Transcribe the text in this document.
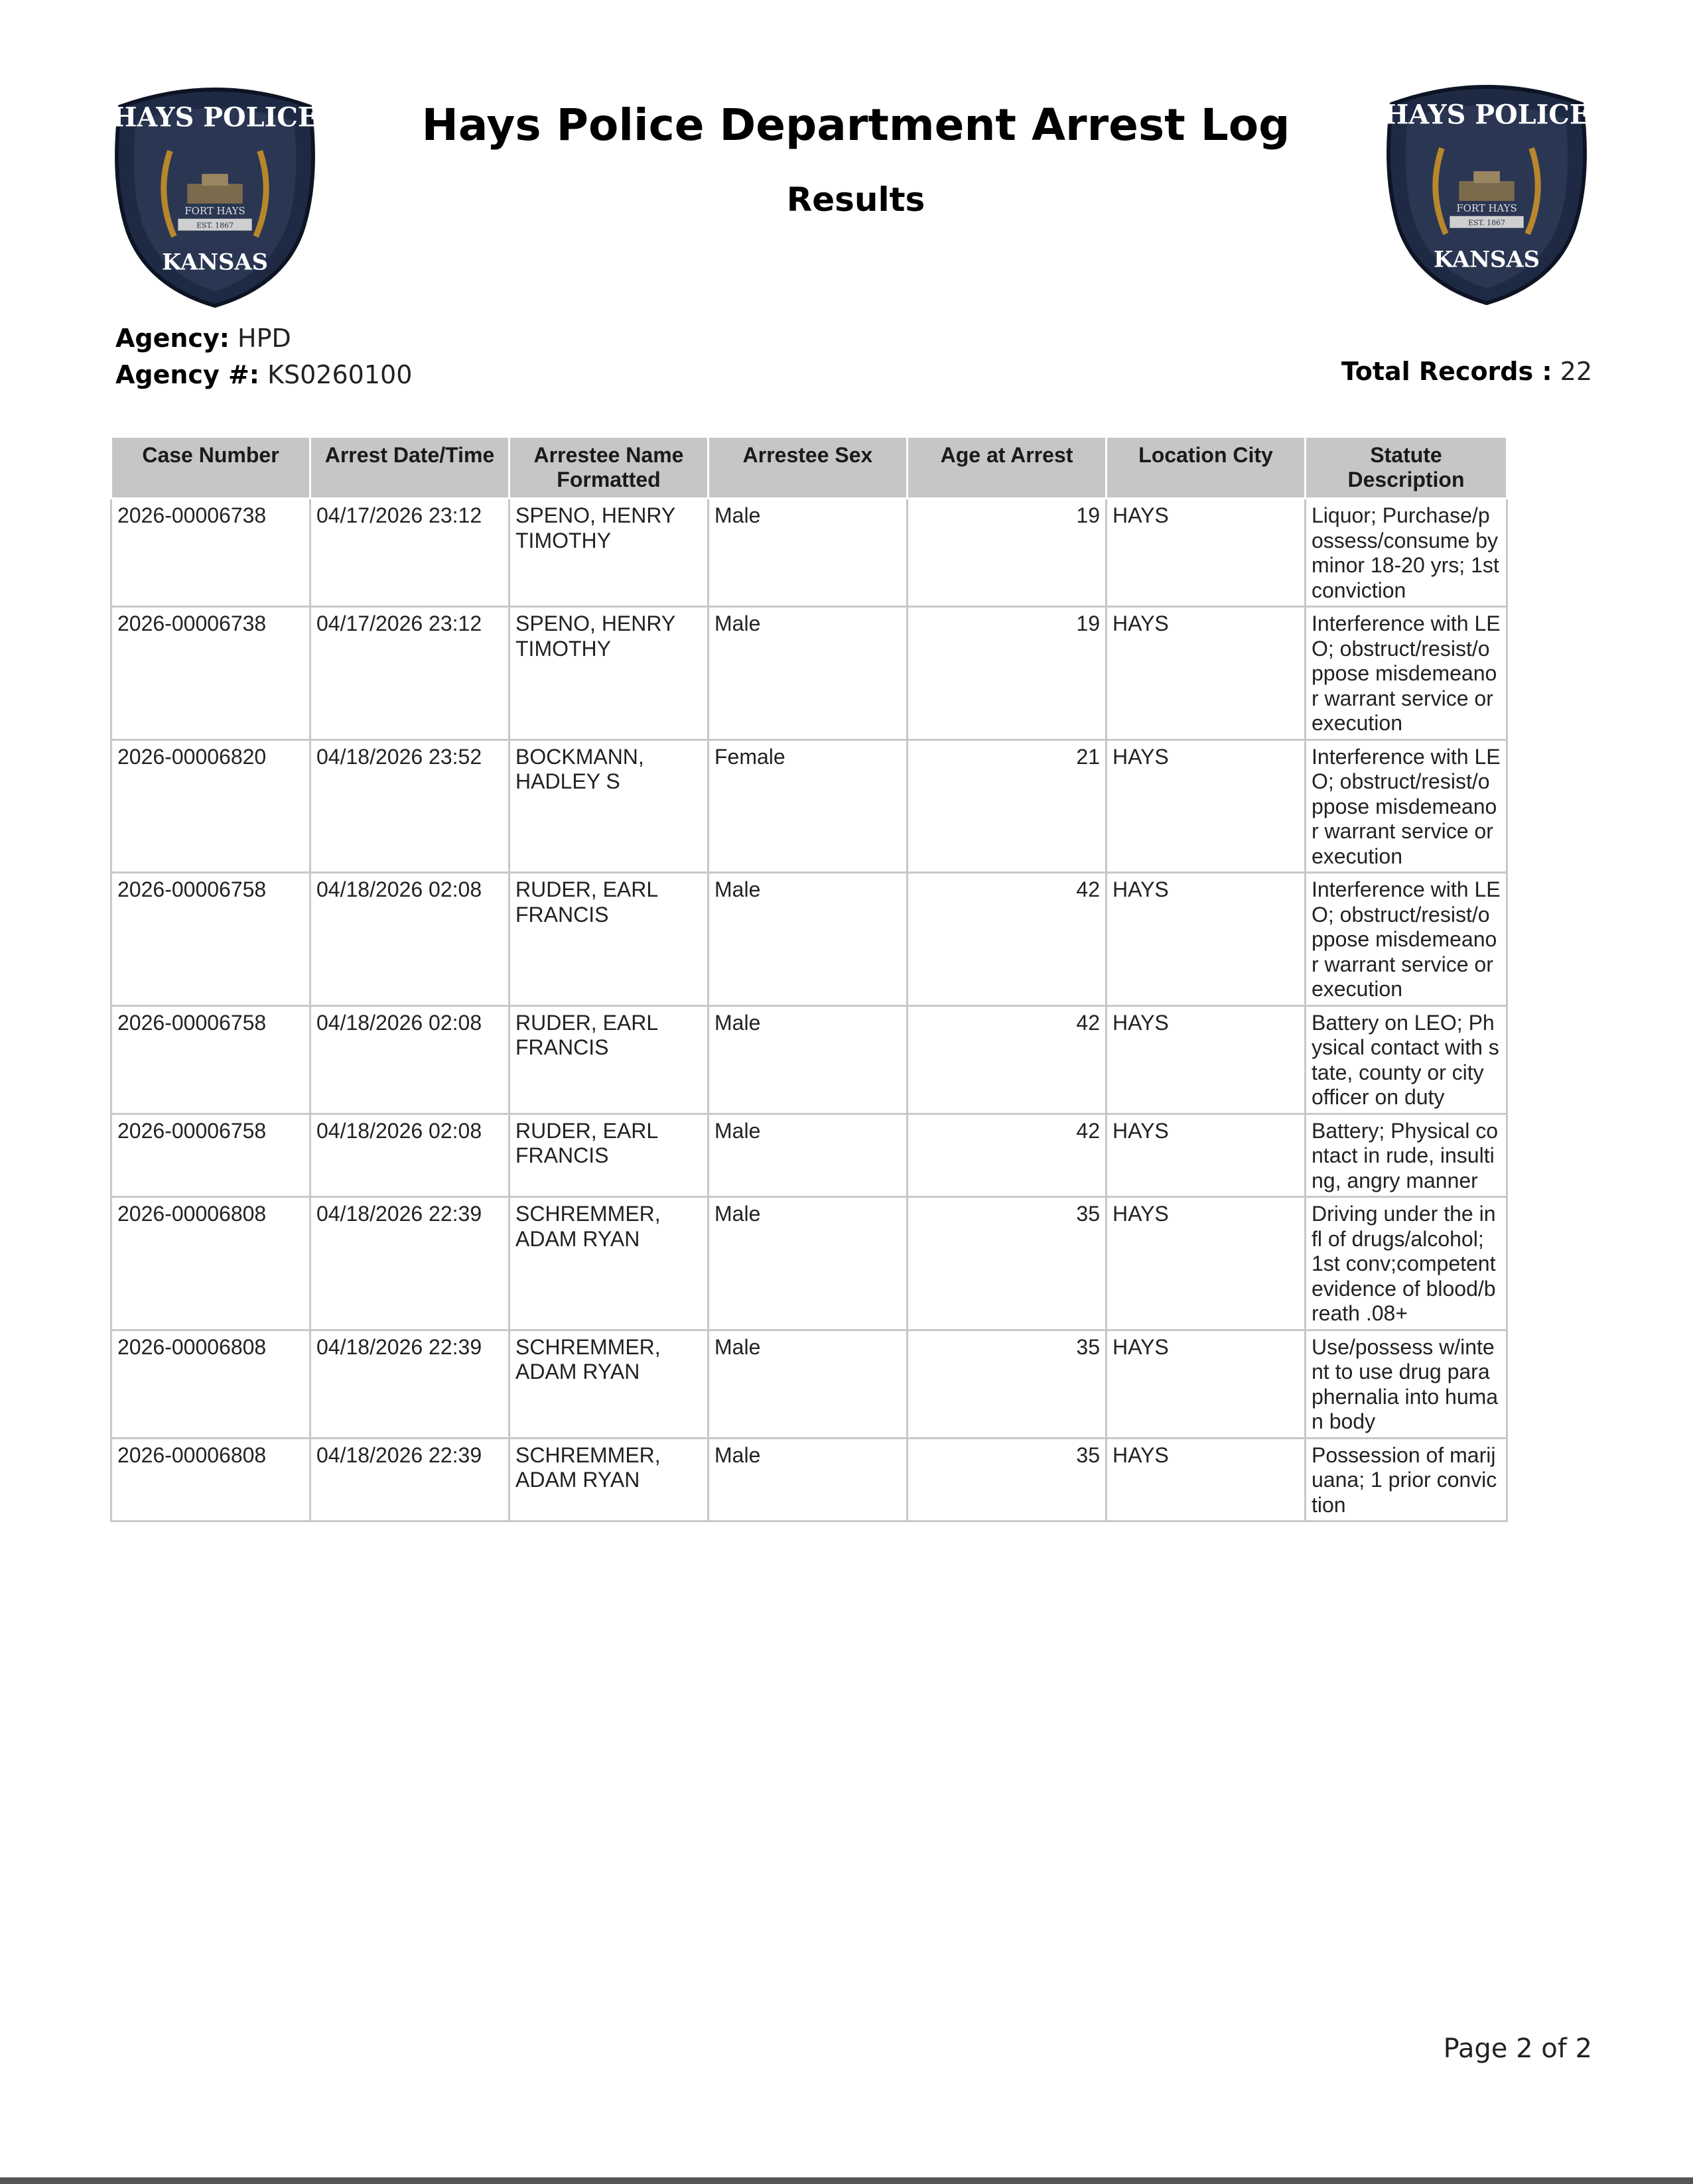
HAYS POLICE
FORT HAYS
EST. 1867
KANSAS
HAYS POLICE
FORT HAYS
EST. 1867
KANSAS
Hays Police Department Arrest Log
Results
Agency: HPD
Agency #: KS0260100	Total Records : 22
Case Number	Arrest Date/Time	Arrestee Name Formatted	Arrestee Sex	Age at Arrest	Location City	Statute Description
2026-00006738	04/17/2026 23:12	SPENO, HENRY TIMOTHY	Male	19	HAYS	Liquor; Purchase/possess/consume by minor 18-20 yrs; 1st conviction
2026-00006738	04/17/2026 23:12	SPENO, HENRY TIMOTHY	Male	19	HAYS	Interference with LEO; obstruct/resist/oppose misdemeanor warrant service or execution
2026-00006820	04/18/2026 23:52	BOCKMANN, HADLEY S	Female	21	HAYS	Interference with LEO; obstruct/resist/oppose misdemeanor warrant service or execution
2026-00006758	04/18/2026 02:08	RUDER, EARL FRANCIS	Male	42	HAYS	Interference with LEO; obstruct/resist/oppose misdemeanor warrant service or execution
2026-00006758	04/18/2026 02:08	RUDER, EARL FRANCIS	Male	42	HAYS	Battery on LEO; Physical contact with state, county or city officer on duty
2026-00006758	04/18/2026 02:08	RUDER, EARL FRANCIS	Male	42	HAYS	Battery; Physical contact in rude, insulting, angry manner
2026-00006808	04/18/2026 22:39	SCHREMMER, ADAM RYAN	Male	35	HAYS	Driving under the infl of drugs/alcohol; 1st conv;competent evidence of blood/breath .08+
2026-00006808	04/18/2026 22:39	SCHREMMER, ADAM RYAN	Male	35	HAYS	Use/possess w/intent to use drug paraphernalia into human body
2026-00006808	04/18/2026 22:39	SCHREMMER, ADAM RYAN	Male	35	HAYS	Possession of marijuana; 1 prior conviction
Page 2 of 2
